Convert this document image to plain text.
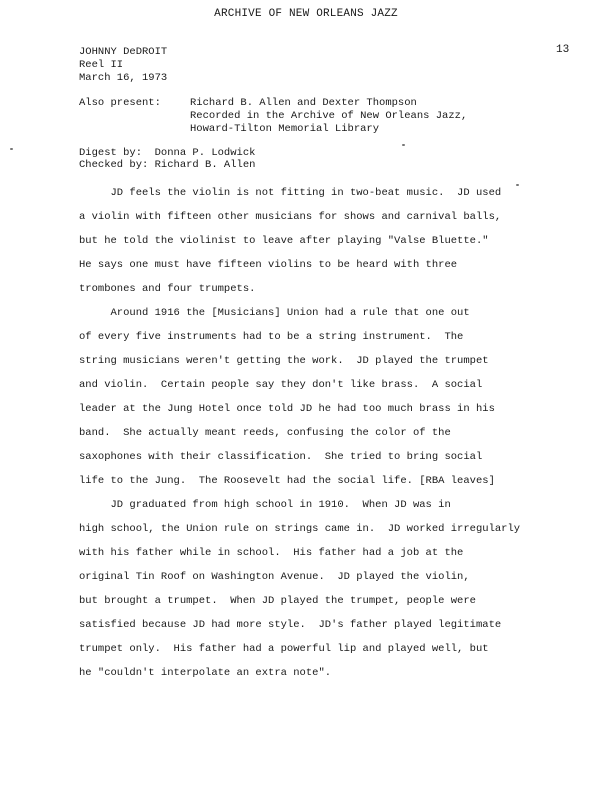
ARCHIVE OF NEW ORLEANS JAZZ
13
JOHNNY DeDROIT
Reel II
March 16, 1973
Also present:	Richard B. Allen and Dexter Thompson
Recorded in the Archive of New Orleans Jazz,
Howard-Tilton Memorial Library
Digest by:  Donna P. Lodwick
Checked by: Richard B. Allen
JD feels the violin is not fitting in two-beat music.  JD used
a violin with fifteen other musicians for shows and carnival balls,
but he told the violinist to leave after playing "Valse Bluette."
He says one must have fifteen violins to be heard with three
trombones and four trumpets.
Around 1916 the [Musicians] Union had a rule that one out
of every five instruments had to be a string instrument.  The
string musicians weren't getting the work.  JD played the trumpet
and violin.  Certain people say they don't like brass.  A social
leader at the Jung Hotel once told JD he had too much brass in his
band.  She actually meant reeds, confusing the color of the
saxophones with their classification.  She tried to bring social
life to the Jung.  The Roosevelt had the social life. [RBA leaves]
JD graduated from high school in 1910.  When JD was in
high school, the Union rule on strings came in.  JD worked irregularly
with his father while in school.  His father had a job at the
original Tin Roof on Washington Avenue.  JD played the violin,
but brought a trumpet.  When JD played the trumpet, people were
satisfied because JD had more style.  JD's father played legitimate
trumpet only.  His father had a powerful lip and played well, but
he "couldn't interpolate an extra note".
